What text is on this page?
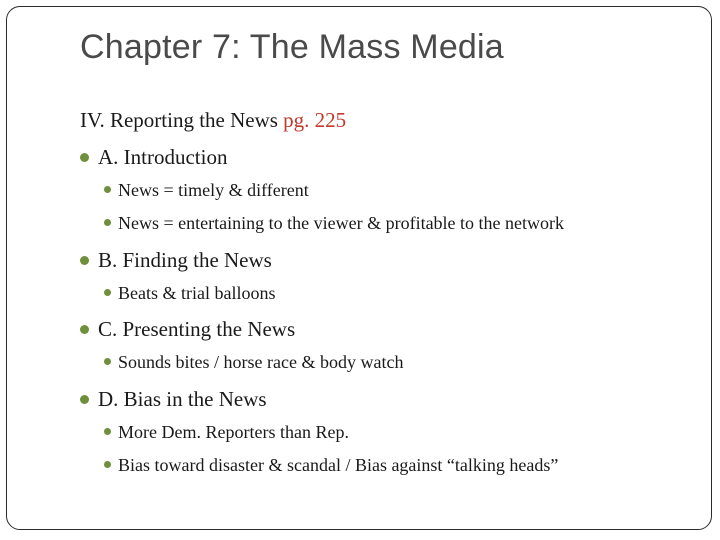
Chapter 7: The Mass Media
IV. Reporting the News pg. 225
A. Introduction
News = timely & different
News = entertaining to the viewer & profitable to the network
B. Finding the News
Beats & trial balloons
C. Presenting the News
Sounds bites / horse race & body watch
D. Bias in the News
More Dem. Reporters than Rep.
Bias toward disaster & scandal / Bias against “talking heads”
